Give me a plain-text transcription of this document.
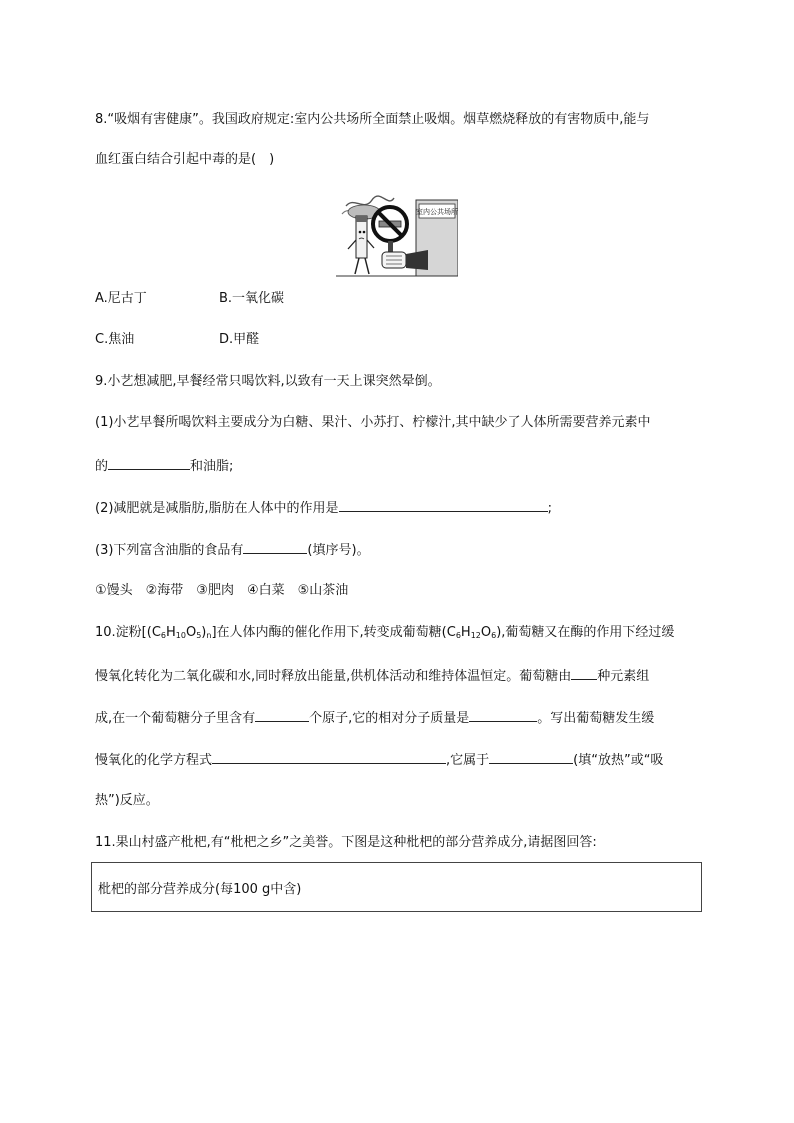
8.“吸烟有害健康”。我国政府规定:室内公共场所全面禁止吸烟。烟草燃烧释放的有害物质中,能与
血红蛋白结合引起中毒的是(　)
室内公共场所
A.尼古丁	B.一氧化碳
C.焦油	D.甲醛
9.小艺想减肥,早餐经常只喝饮料,以致有一天上课突然晕倒。
(1)小艺早餐所喝饮料主要成分为白糖、果汁、小苏打、柠檬汁,其中缺少了人体所需要营养元素中
的	和油脂;
(2)减肥就是减脂肪,脂肪在人体中的作用是	;
(3)下列富含油脂的食品有	(填序号)。
①馒头　②海带　③肥肉　④白菜　⑤山茶油
10.淀粉$[(C_6H_{10}O_5)_n]$在人体内酶的催化作用下,转变成葡萄糖$(C_6H_{12}O_6)$,葡萄糖又在酶的作用下经过缓
慢氧化转化为二氧化碳和水,同时释放出能量,供机体活动和维持体温恒定。葡萄糖由 种元素组
成,在一个葡萄糖分子里含有	个原子,它的相对分子质量是	。写出葡萄糖发生缓
慢氧化的化学方程式	,它属于	(填“放热”或“吸
热”)反应。
11.果山村盛产枇杷,有“枇杷之乡”之美誉。下图是这种枇杷的部分营养成分,请据图回答:
枇杷的部分营养成分(每100 g中含)
